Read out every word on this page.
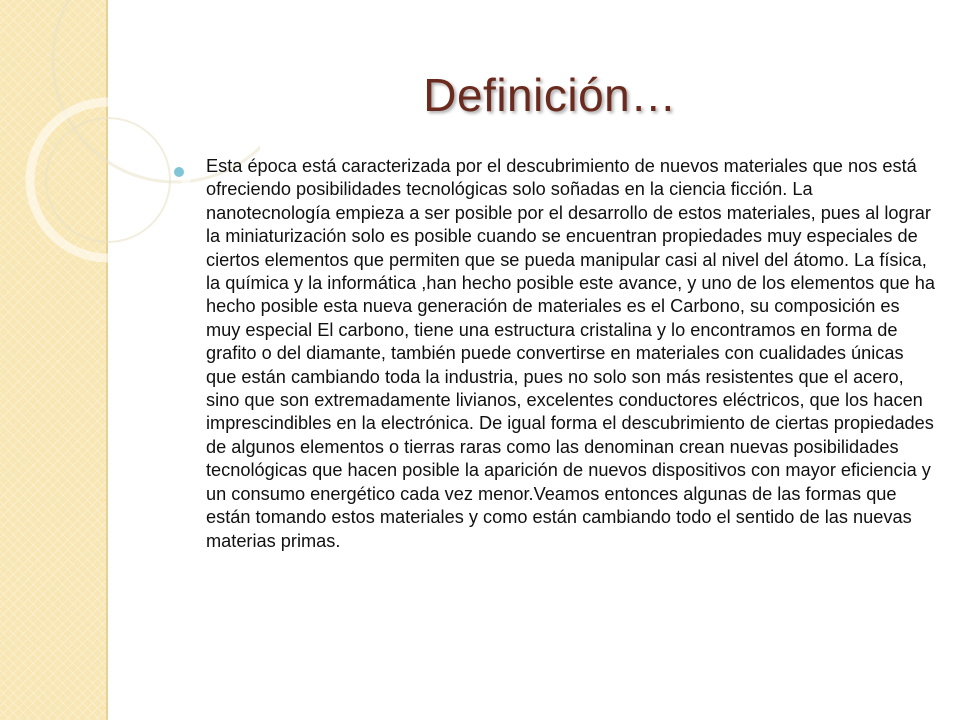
Definición…
Esta época está caracterizada por el descubrimiento de nuevos materiales que nos está ofreciendo posibilidades tecnológicas solo soñadas en la ciencia ficción. La nanotecnología empieza a ser posible por el desarrollo de estos materiales, pues al lograr la miniaturización solo es posible cuando se encuentran propiedades muy especiales de ciertos elementos que permiten que se pueda manipular casi al nivel del átomo. La física, la química y la informática ,han hecho posible este avance, y uno de los elementos que ha hecho posible esta nueva generación de materiales es el Carbono, su composición es muy especial El carbono, tiene una estructura cristalina y lo encontramos en forma de grafito o del diamante, también puede convertirse en materiales con cualidades únicas que están cambiando toda la industria, pues no solo son más resistentes que el acero, sino que son extremadamente livianos, excelentes conductores eléctricos, que los hacen imprescindibles en la electrónica. De igual forma el descubrimiento de ciertas propiedades de algunos elementos o tierras raras como las denominan crean nuevas posibilidades tecnológicas que hacen posible la aparición de nuevos dispositivos con mayor eficiencia y un consumo energético cada vez menor.Veamos entonces algunas de las formas que están tomando estos materiales y como están cambiando todo el sentido de las nuevas materias primas.
